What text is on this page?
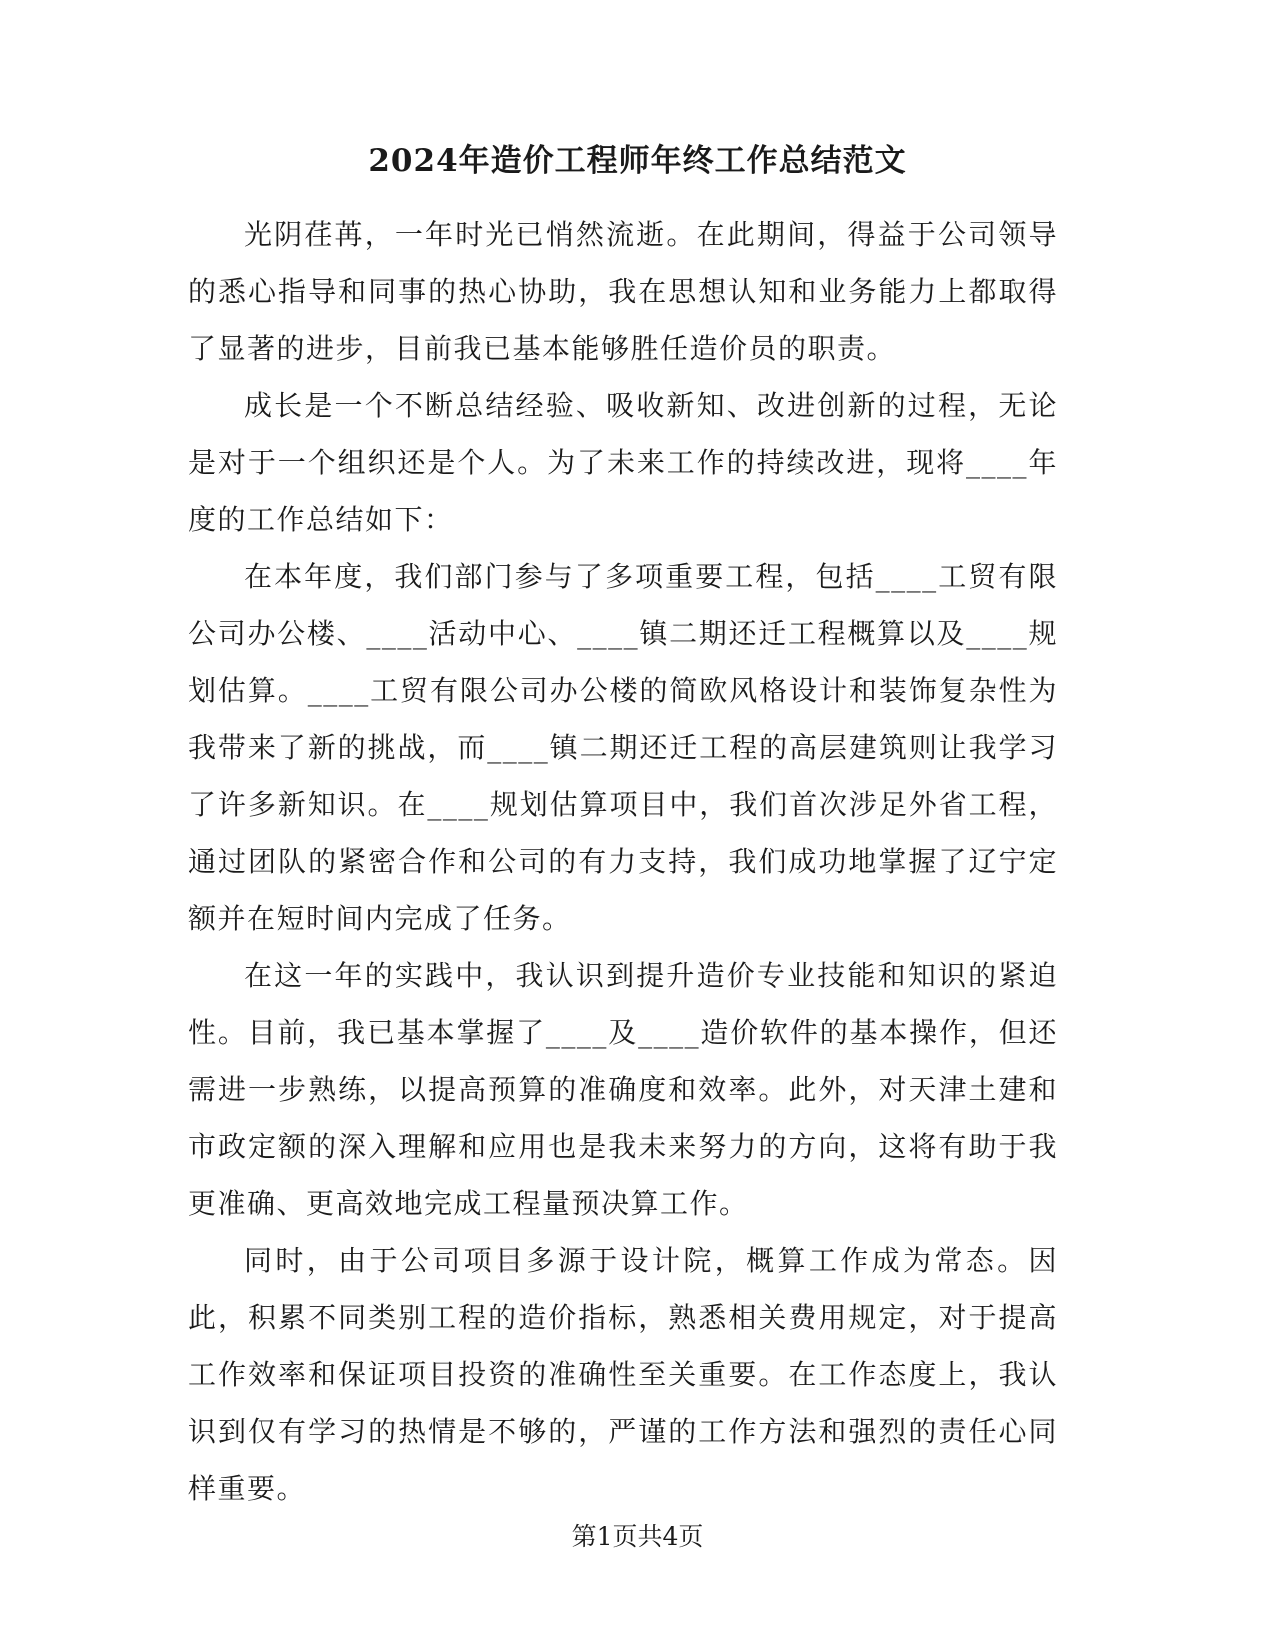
2024年造价工程师年终工作总结范文

光阴荏苒，一年时光已悄然流逝。在此期间，得益于公司领导的悉心指导和同事的热心协助，我在思想认知和业务能力上都取得了显著的进步，目前我已基本能够胜任造价员的职责。

成长是一个不断总结经验、吸收新知、改进创新的过程，无论是对于一个组织还是个人。为了未来工作的持续改进，现将____年度的工作总结如下：

在本年度，我们部门参与了多项重要工程，包括____工贸有限公司办公楼、____活动中心、____镇二期还迁工程概算以及____规划估算。____工贸有限公司办公楼的简欧风格设计和装饰复杂性为我带来了新的挑战，而____镇二期还迁工程的高层建筑则让我学习了许多新知识。在____规划估算项目中，我们首次涉足外省工程，通过团队的紧密合作和公司的有力支持，我们成功地掌握了辽宁定额并在短时间内完成了任务。

在这一年的实践中，我认识到提升造价专业技能和知识的紧迫性。目前，我已基本掌握了____及____造价软件的基本操作，但还需进一步熟练，以提高预算的准确度和效率。此外，对天津土建和市政定额的深入理解和应用也是我未来努力的方向，这将有助于我更准确、更高效地完成工程量预决算工作。

同时，由于公司项目多源于设计院，概算工作成为常态。因此，积累不同类别工程的造价指标，熟悉相关费用规定，对于提高工作效率和保证项目投资的准确性至关重要。在工作态度上，我认识到仅有学习的热情是不够的，严谨的工作方法和强烈的责任心同样重要。

第1页共4页
